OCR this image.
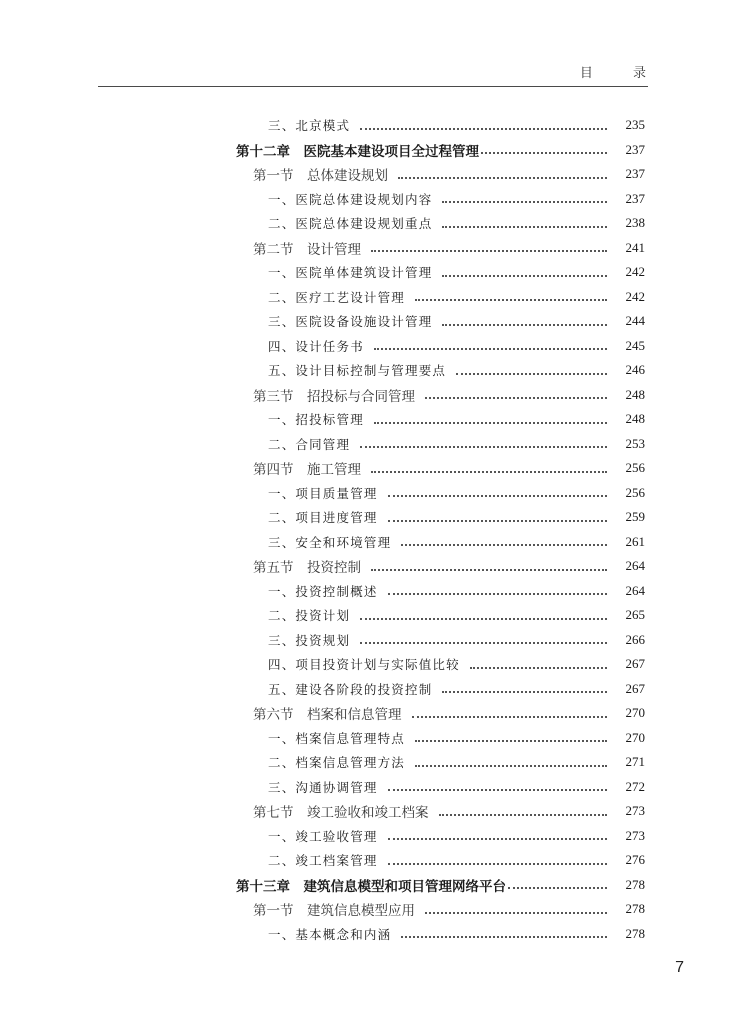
目 录
三、北京模式	235
第十二章　医院基本建设项目全过程管理	237
第一节　总体建设规划	237
一、医院总体建设规划内容	237
二、医院总体建设规划重点	238
第二节　设计管理	241
一、医院单体建筑设计管理	242
二、医疗工艺设计管理	242
三、医院设备设施设计管理	244
四、设计任务书	245
五、设计目标控制与管理要点	246
第三节　招投标与合同管理	248
一、招投标管理	248
二、合同管理	253
第四节　施工管理	256
一、项目质量管理	256
二、项目进度管理	259
三、安全和环境管理	261
第五节　投资控制	264
一、投资控制概述	264
二、投资计划	265
三、投资规划	266
四、项目投资计划与实际值比较	267
五、建设各阶段的投资控制	267
第六节　档案和信息管理	270
一、档案信息管理特点	270
二、档案信息管理方法	271
三、沟通协调管理	272
第七节　竣工验收和竣工档案	273
一、竣工验收管理	273
二、竣工档案管理	276
第十三章　建筑信息模型和项目管理网络平台	278
第一节　建筑信息模型应用	278
一、基本概念和内涵	278
7
